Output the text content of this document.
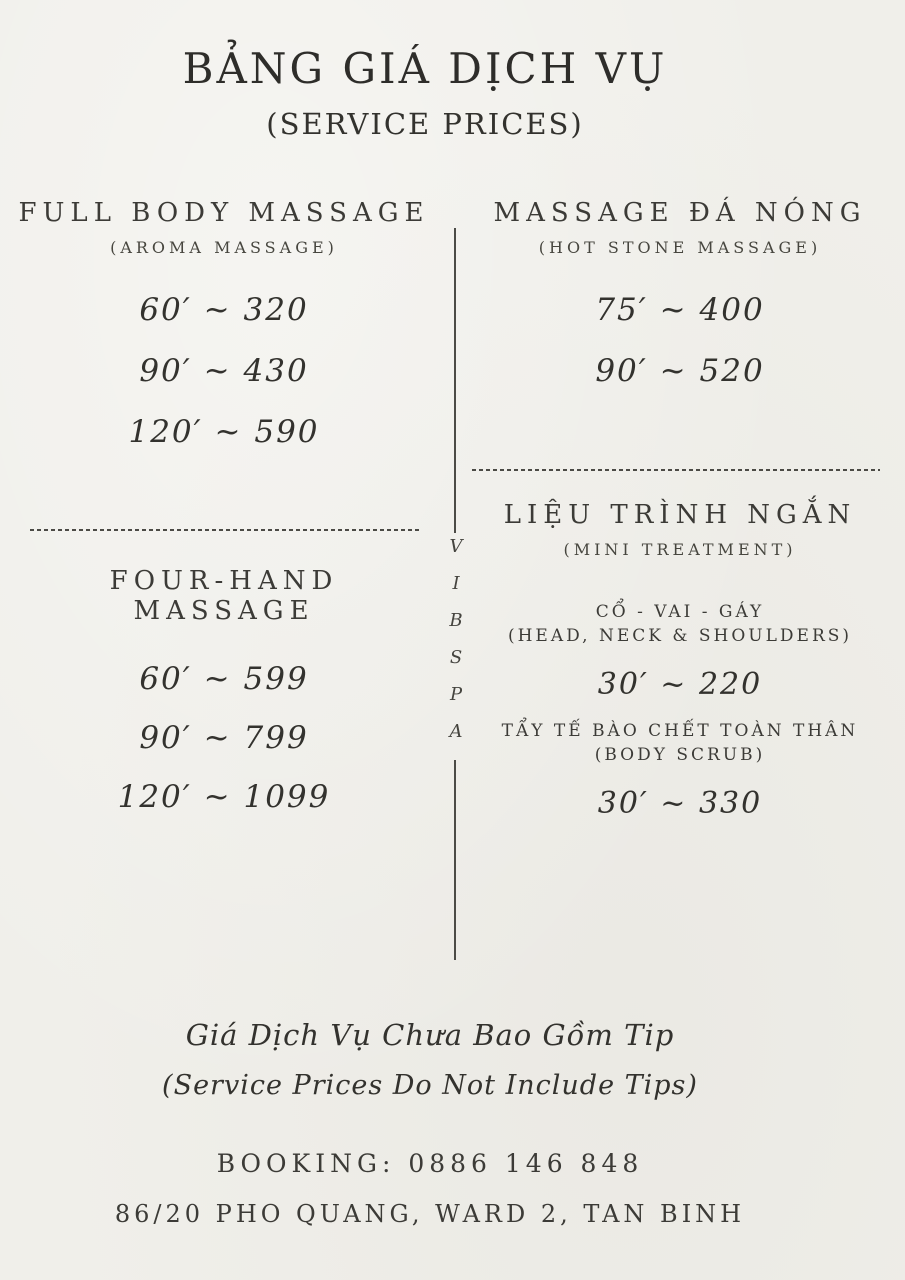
BẢNG GIÁ DỊCH VỤ
(SERVICE PRICES)
FULL BODY MASSAGE
(AROMA MASSAGE)
60′ ~ 320
90′ ~ 430
120′ ~ 590
FOUR-HAND MASSAGE
60′ ~ 599
90′ ~ 799
120′ ~ 1099
V
I
B
S
P
A
MASSAGE ĐÁ NÓNG
(HOT STONE MASSAGE)
75′ ~ 400
90′ ~ 520
LIỆU TRÌNH NGẮN
(MINI TREATMENT)
CỔ - VAI - GÁY
(HEAD, NECK & SHOULDERS)
30′ ~ 220
TẨY TẾ BÀO CHẾT TOÀN THÂN
(BODY SCRUB)
30′ ~ 330
Giá Dịch Vụ Chưa Bao Gồm Tip
(Service Prices Do Not Include Tips)
BOOKING: 0886 146 848
86/20 PHO QUANG, WARD 2, TAN BINH
